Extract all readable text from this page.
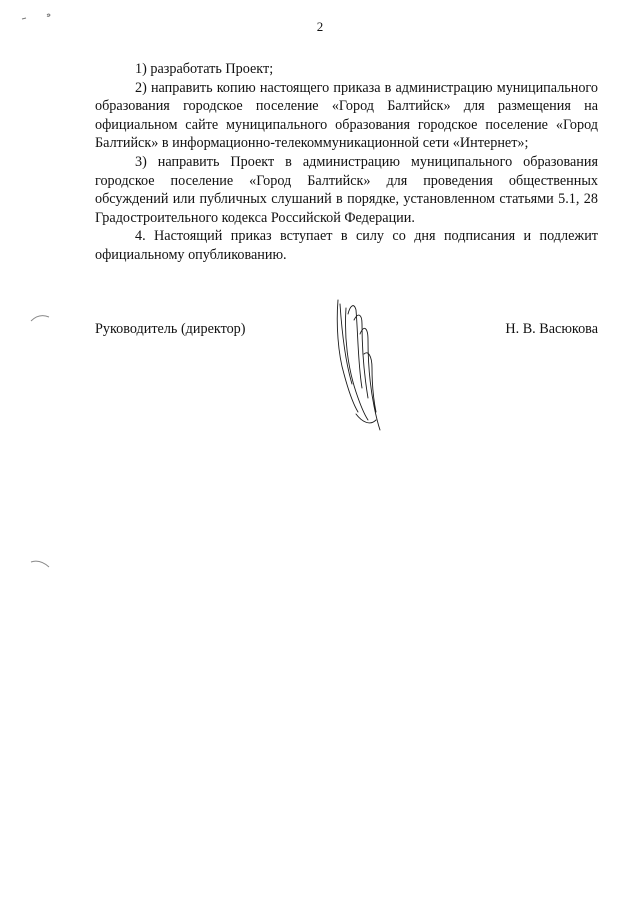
2

1) разработать Проект;

2) направить копию настоящего приказа в администрацию муниципального образования городское поселение «Город Балтийск» для размещения на официальном сайте муниципального образования городское поселение «Город Балтийск» в информационно-телекоммуникационной сети «Интернет»;

3) направить Проект в администрацию муниципального образования городское поселение «Город Балтийск» для проведения общественных обсуждений или публичных слушаний в порядке, установленном статьями 5.1, 28 Градостроительного кодекса Российской Федерации.

4. Настоящий приказ вступает в силу со дня подписания и подлежит официальному опубликованию.

Руководитель (директор)	Н. В. Васюкова
